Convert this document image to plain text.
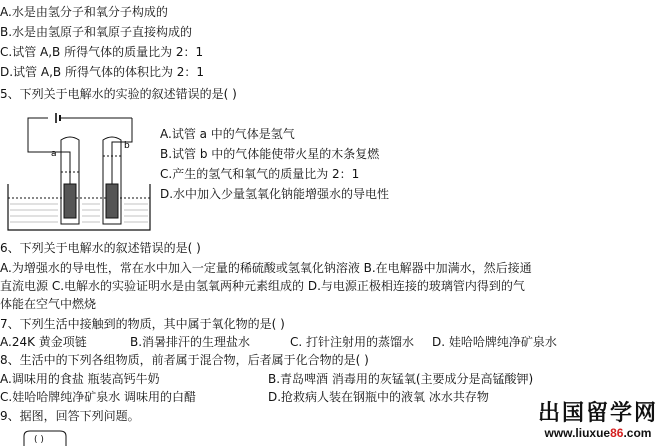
A.水是由氢分子和氧分子构成的
B.水是由氢原子和氧原子直接构成的
C.试管 A,B 所得气体的质量比为 2：1
D.试管 A,B 所得气体的体积比为 2：1
5、下列关于电解水的实验的叙述错误的是( )
a
b
A.试管 a 中的气体是氢气
B.试管 b 中的气体能使带火星的木条复燃
C.产生的氢气和氧气的质量比为 2：1
D.水中加入少量氢氧化钠能增强水的导电性
6、下列关于电解水的叙述错误的是( )
A.为增强水的导电性，常在水中加入一定量的稀硫酸或氢氧化钠溶液 B.在电解器中加满水，然后接通
直流电源 C.电解水的实验证明水是由氢氧两种元素组成的 D.与电源正极相连接的玻璃管内得到的气
体能在空气中燃烧
7、下列生活中接触到的物质，其中属于氧化物的是( )
A.24K 黄金项链	B.消暑排汗的生理盐水	C. 打针注射用的蒸馏水 D. 娃哈哈牌纯净矿泉水
8、生活中的下列各组物质，前者属于混合物，后者属于化合物的是( )
A.调味用的食盐 瓶装高钙牛奶	B.青岛啤酒 消毒用的灰锰氧(主要成分是高锰酸钾)
C.娃哈哈牌纯净矿泉水 调味用的白醋	D.抢救病人装在钢瓶中的液氧 冰水共存物
9、据图，回答下列问题。
( )
出国留学网
www.liuxue86.com
